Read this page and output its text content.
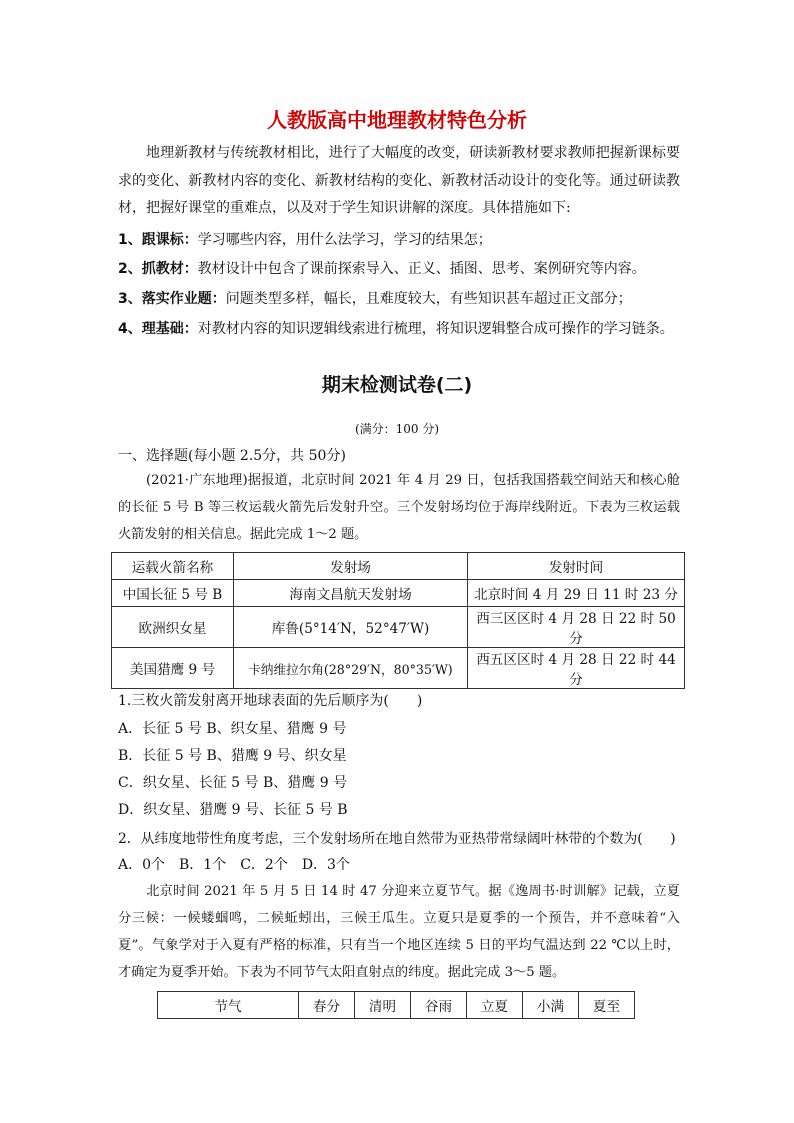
人教版高中地理教材特色分析
地理新教材与传统教材相比，进行了大幅度的改变，研读新教材要求教师把握新课标要求的变化、新教材内容的变化、新教材结构的变化、新教材活动设计的变化等。通过研读教材，把握好课堂的重难点，以及对于学生知识讲解的深度。具体措施如下:
1、跟课标：学习哪些内容，用什么法学习，学习的结果怎；
2、抓教材：教材设计中包含了课前探索导入、正义、插图、思考、案例研究等内容。
3、落实作业题：问题类型多样，幅长，且难度较大，有些知识甚车超过正文部分；
4、理基础：对教材内容的知识逻辑线索进行梳理，将知识逻辑整合成可操作的学习链条。
期末检测试卷(二)
(满分：100 分)
一、选择题(每小题 2.5分，共 50分)
(2021·广东地理)据报道，北京时间 2021 年 4 月 29 日，包括我国搭载空间站天和核心舱的长征 5 号 B 等三枚运载火箭先后发射升空。三个发射场均位于海岸线附近。下表为三枚运载火箭发射的相关信息。据此完成 1～2 题。
运载火箭名称	发射场	发射时间
中国长征 5 号 B	海南文昌航天发射场	北京时间 4 月 29 日 11 时 23 分
欧洲织女星	库鲁(5°14′N，52°47′W)	西三区区时 4 月 28 日 22 时 50 分
美国猎鹰 9 号	卡纳维拉尔角(28°29′N，80°35′W)	西五区区时 4 月 28 日 22 时 44 分
1.三枚火箭发射离开地球表面的先后顺序为(　　)
A．长征 5 号 B、织女星、猎鹰 9 号
B．长征 5 号 B、猎鹰 9 号、织女星
C．织女星、长征 5 号 B、猎鹰 9 号
D．织女星、猎鹰 9 号、长征 5 号 B
2．从纬度地带性角度考虑，三个发射场所在地自然带为亚热带常绿阔叶林带的个数为(　　)
A．0个　B．1个　C．2个　D．3个
北京时间 2021 年 5 月 5 日 14 时 47 分迎来立夏节气。据《逸周书·时训解》记载，立夏分三候：一候蝼蝈鸣，二候蚯蚓出，三候王瓜生。立夏只是夏季的一个预告，并不意味着“入夏”。气象学对于入夏有严格的标准，只有当一个地区连续 5 日的平均气温达到 22 ℃以上时，才确定为夏季开始。下表为不同节气太阳直射点的纬度。据此完成 3～5 题。
节气	春分	清明	谷雨	立夏	小满	夏至
